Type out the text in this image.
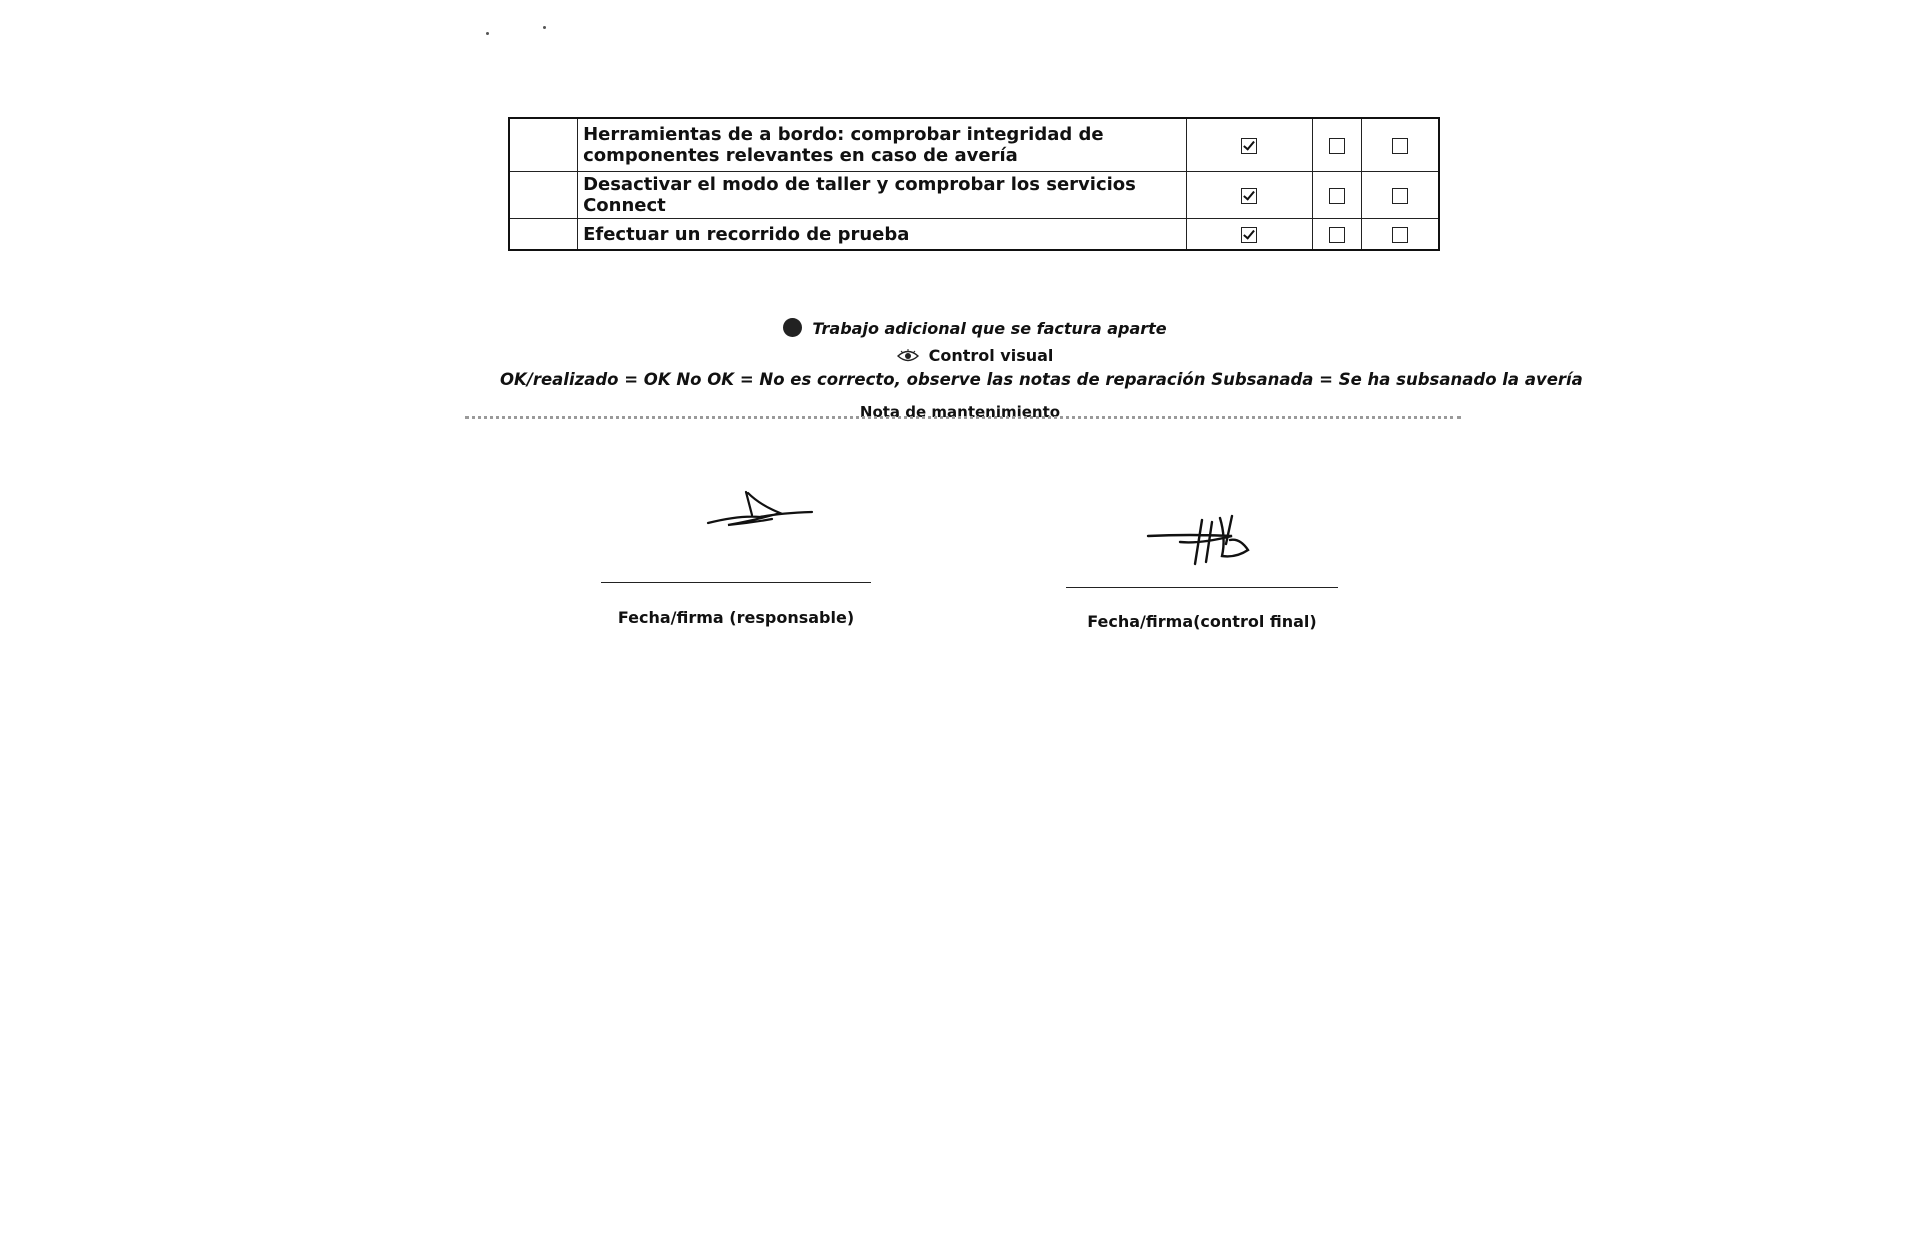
	Herramientas de a bordo: comprobar integridad de componentes relevantes en caso de avería			
	Desactivar el modo de taller y comprobar los servicios Connect			
	Efectuar un recorrido de prueba			
Trabajo adicional que se factura aparte
Control visual
OK/realizado = OK No OK = No es correcto, observe las notas de reparación Subsanada = Se ha subsanado la avería
Nota de mantenimiento
Fecha/firma (responsable)	Fecha/firma(control final)
